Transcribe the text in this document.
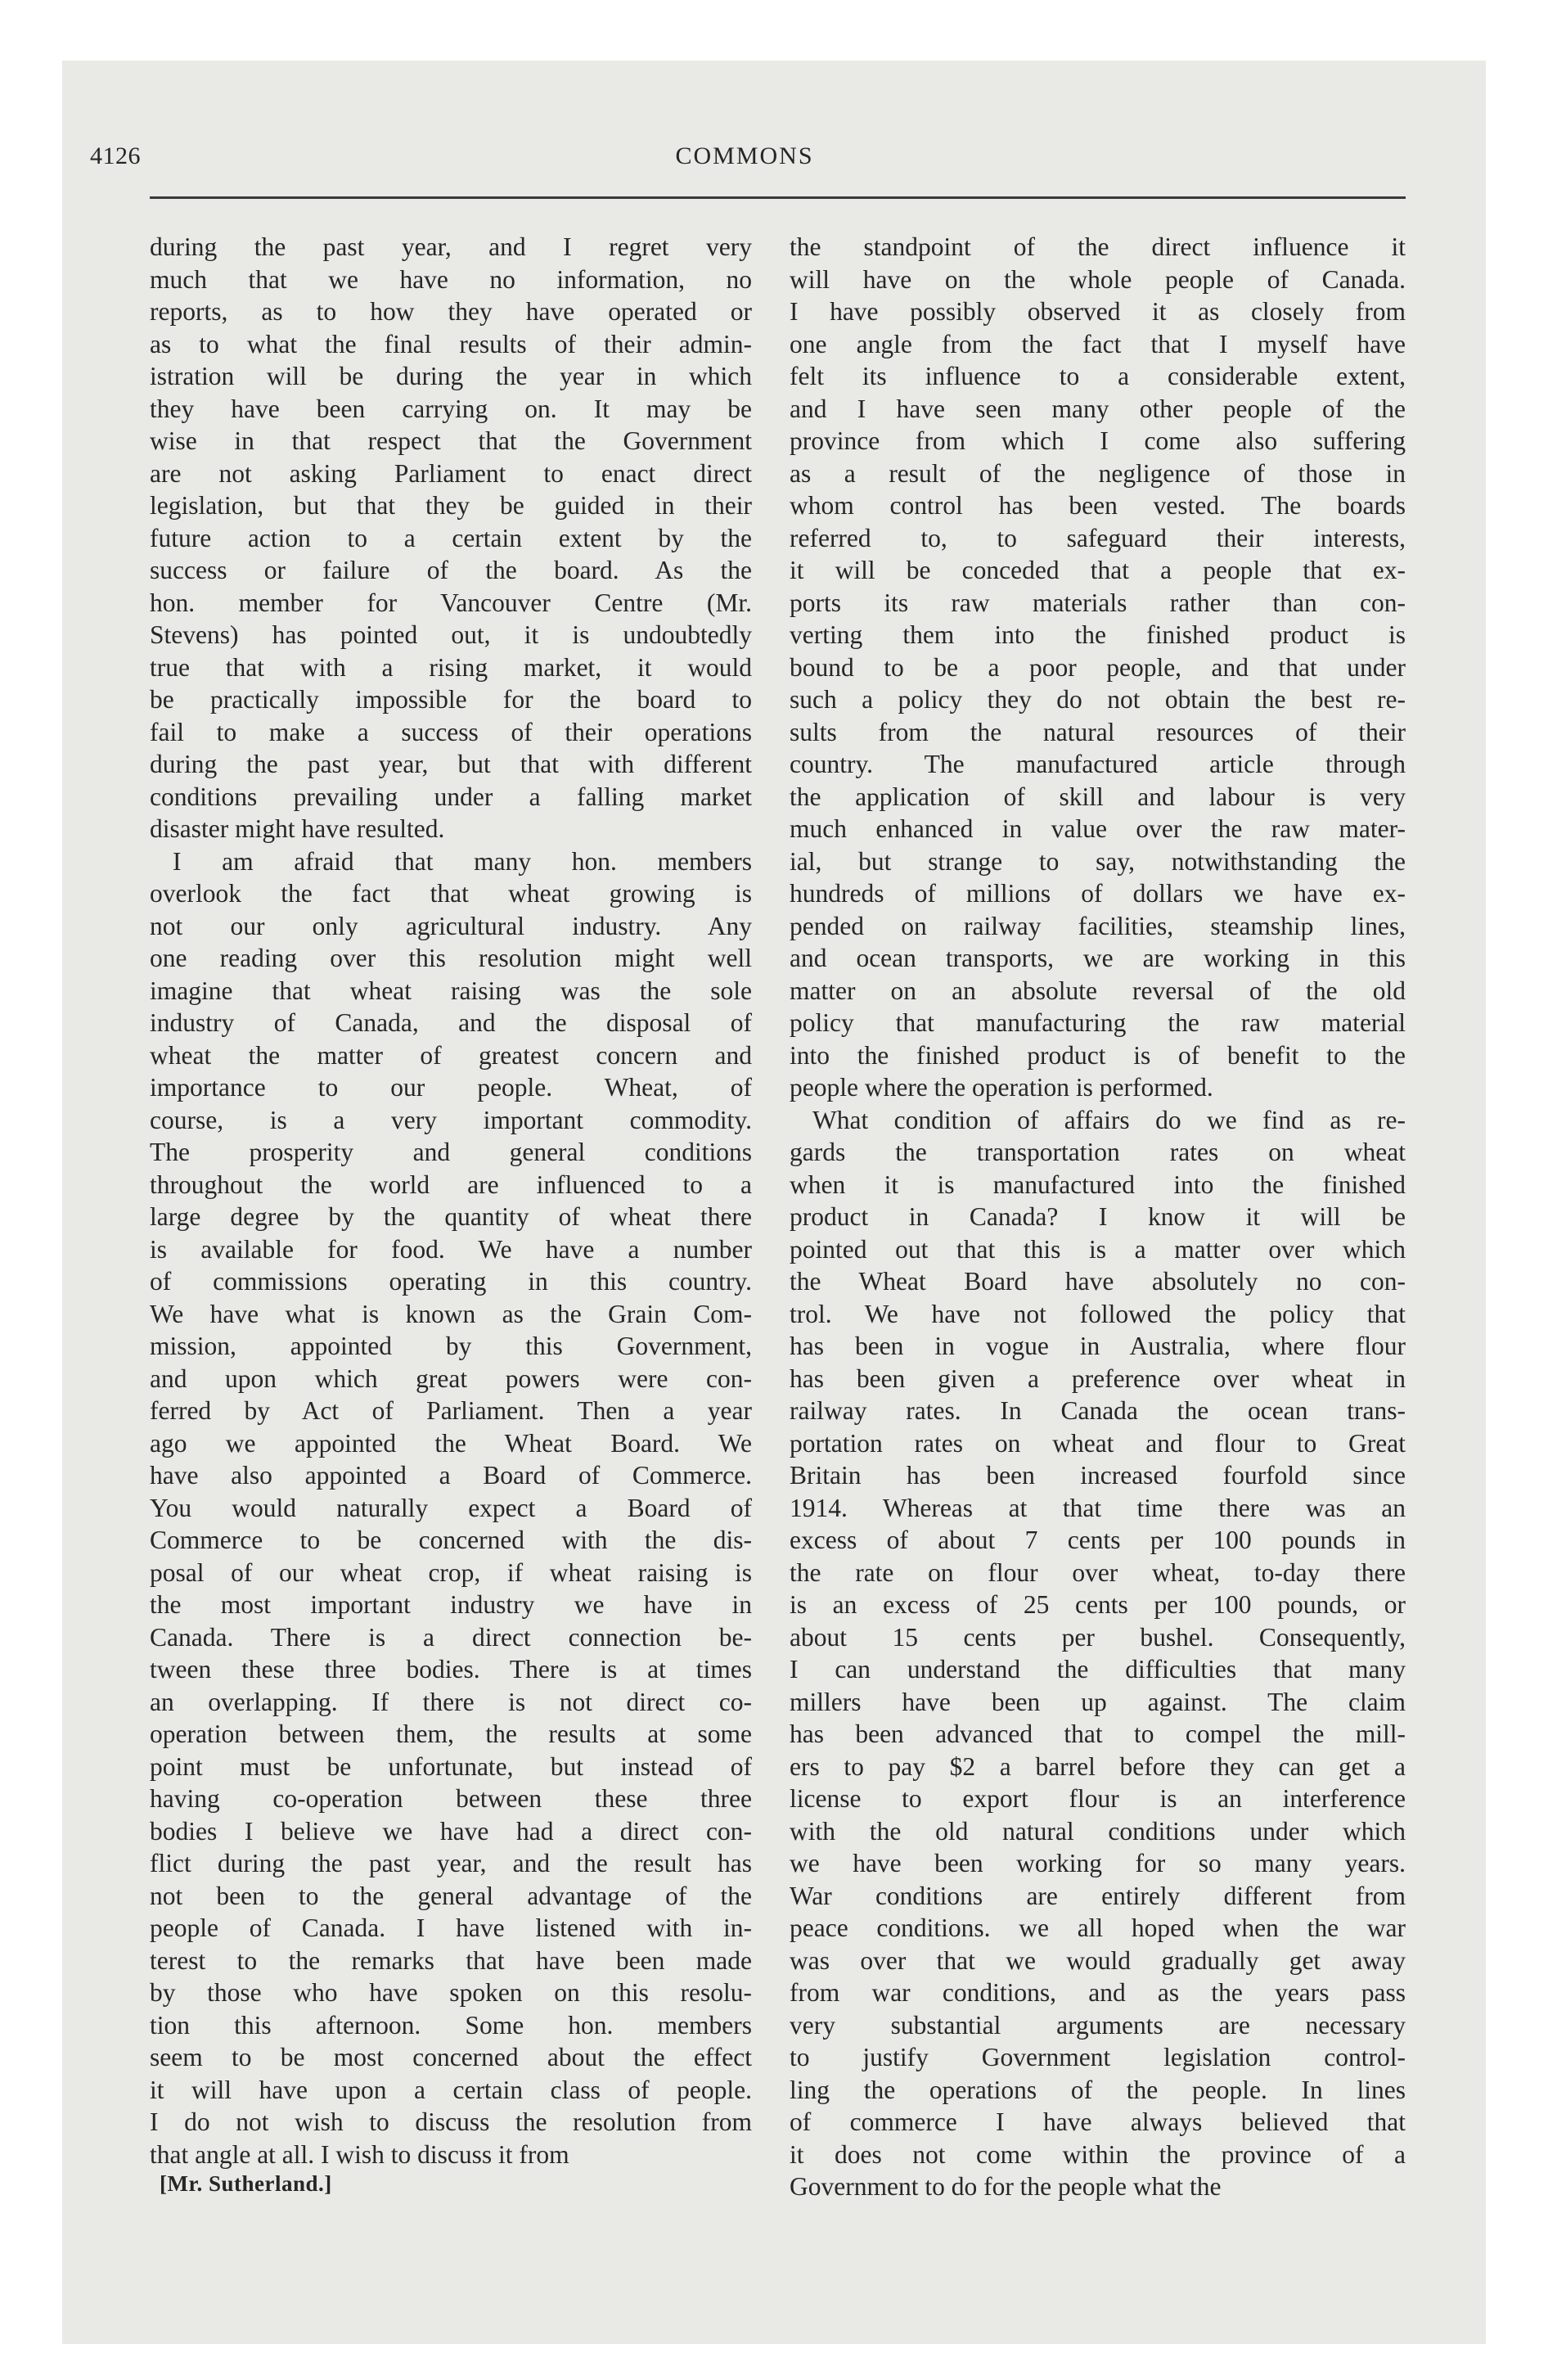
4126	COMMONS
during the past year, and I regret very
much that we have no information, no
reports, as to how they have operated or
as to what the final results of their admin-
istration will be during the year in which
they have been carrying on. It may be
wise in that respect that the Government
are not asking Parliament to enact direct
legislation, but that they be guided in their
future action to a certain extent by the
success or failure of the board. As the
hon. member for Vancouver Centre (Mr.
Stevens) has pointed out, it is undoubtedly
true that with a rising market, it would
be practically impossible for the board to
fail to make a success of their operations
during the past year, but that with different
conditions prevailing under a falling market
disaster might have resulted.
I am afraid that many hon. members
overlook the fact that wheat growing is
not our only agricultural industry. Any
one reading over this resolution might well
imagine that wheat raising was the sole
industry of Canada, and the disposal of
wheat the matter of greatest concern and
importance to our people. Wheat, of
course, is a very important commodity.
The prosperity and general conditions
throughout the world are influenced to a
large degree by the quantity of wheat there
is available for food. We have a number
of commissions operating in this country.
We have what is known as the Grain Com-
mission, appointed by this Government,
and upon which great powers were con-
ferred by Act of Parliament. Then a year
ago we appointed the Wheat Board. We
have also appointed a Board of Commerce.
You would naturally expect a Board of
Commerce to be concerned with the dis-
posal of our wheat crop, if wheat raising is
the most important industry we have in
Canada. There is a direct connection be-
tween these three bodies. There is at times
an overlapping. If there is not direct co-
operation between them, the results at some
point must be unfortunate, but instead of
having co-operation between these three
bodies I believe we have had a direct con-
flict during the past year, and the result has
not been to the general advantage of the
people of Canada. I have listened with in-
terest to the remarks that have been made
by those who have spoken on this resolu-
tion this afternoon. Some hon. members
seem to be most concerned about the effect
it will have upon a certain class of people.
I do not wish to discuss the resolution from
that angle at all. I wish to discuss it from
the standpoint of the direct influence it
will have on the whole people of Canada.
I have possibly observed it as closely from
one angle from the fact that I myself have
felt its influence to a considerable extent,
and I have seen many other people of the
province from which I come also suffering
as a result of the negligence of those in
whom control has been vested. The boards
referred to, to safeguard their interests,
it will be conceded that a people that ex-
ports its raw materials rather than con-
verting them into the finished product is
bound to be a poor people, and that under
such a policy they do not obtain the best re-
sults from the natural resources of their
country. The manufactured article through
the application of skill and labour is very
much enhanced in value over the raw mater-
ial, but strange to say, notwithstanding the
hundreds of millions of dollars we have ex-
pended on railway facilities, steamship lines,
and ocean transports, we are working in this
matter on an absolute reversal of the old
policy that manufacturing the raw material
into the finished product is of benefit to the
people where the operation is performed.
What condition of affairs do we find as re-
gards the transportation rates on wheat
when it is manufactured into the finished
product in Canada? I know it will be
pointed out that this is a matter over which
the Wheat Board have absolutely no con-
trol. We have not followed the policy that
has been in vogue in Australia, where flour
has been given a preference over wheat in
railway rates. In Canada the ocean trans-
portation rates on wheat and flour to Great
Britain has been increased fourfold since
1914. Whereas at that time there was an
excess of about 7 cents per 100 pounds in
the rate on flour over wheat, to-day there
is an excess of 25 cents per 100 pounds, or
about 15 cents per bushel. Consequently,
I can understand the difficulties that many
millers have been up against. The claim
has been advanced that to compel the mill-
ers to pay $2 a barrel before they can get a
license to export flour is an interference
with the old natural conditions under which
we have been working for so many years.
War conditions are entirely different from
peace conditions. we all hoped when the war
was over that we would gradually get away
from war conditions, and as the years pass
very substantial arguments are necessary
to justify Government legislation control-
ling the operations of the people. In lines
of commerce I have always believed that
it does not come within the province of a
Government to do for the people what the
[Mr. Sutherland.]
